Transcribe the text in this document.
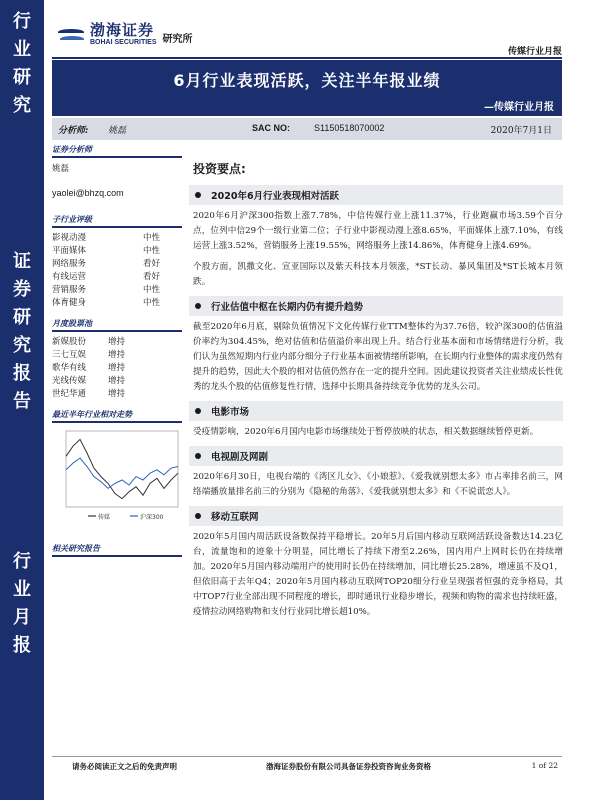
行
业
研
究
证
券
研
究
报
告
行
业
月
报
渤海证券
BOHAI SECURITIES 研究所
传媒行业月报
6月行业表现活跃，关注半年报业绩
—传媒行业月报
分析师: 姚磊	SAC NO:	S1150518070002	2020年7月1日
证券分析师
姚磊
yaolei@bhzq.com
子行业评级
影视动漫	中性
平面媒体	中性
网络服务	看好
有线运营	看好
营销服务	中性
体育健身	中性
月度股票池
新媒股份	增持
三七互娱	增持
歌华有线	增持
光线传媒	增持
世纪华通	增持
最近半年行业相对走势
传媒	沪深300
相关研究报告
投资要点:
2020年6月行业表现相对活跃
2020年6月沪深300指数上涨7.78%，中信传媒行业上涨11.37%，行业跑赢市场3.59个百分点，位列中信29个一级行业第二位；子行业中影视动漫上涨8.65%，平面媒体上涨7.10%，有线运营上涨3.52%，营销服务上涨19.55%，网络服务上涨14.86%，体育健身上涨4.69%。
个股方面，凯撒文化、宣亚国际以及紫天科技本月领涨，*ST长动、暴风集团及*ST长城本月领跌。
行业估值中枢在长期内仍有提升趋势
截至2020年6月底，剔除负值情况下文化传媒行业TTM整体约为37.76倍，较沪深300的估值溢价率约为304.45%，绝对估值和估值溢价率出现上升。结合行业基本面和市场情绪进行分析，我们认为虽然短期内行业内部分细分子行业基本面被情绪所影响，在长期内行业整体的需求度仍然有提升的趋势，因此大个股的相对估值仍然存在一定的提升空间。因此建议投资者关注业绩成长性优秀的龙头个股的估值修复性行情，选择中长期具备持续竞争优势的龙头公司。
电影市场
受疫情影响，2020年6月国内电影市场继续处于暂停放映的状态，相关数据继续暂停更新。
电视剧及网剧
2020年6月30日，电视台端的《湾区儿女》、《小娘惹》、《爱我就别想太多》市占率排名前三，网络端播放量排名前三的分别为《隐秘的角落》、《爱我就别想太多》和《不说谎恋人》。
移动互联网
2020年5月国内周活跃设备数保持平稳增长。20年5月后国内移动互联网活跃设备数达14.23亿台，流量饱和的迹象十分明显，同比增长了持续下滑至2.26%，国内用户上网时长仍在持续增加。2020年5月国内移动端用户的使用时长仍在持续增加，同比增长25.28%，增速虽不及Q1，但依旧高于去年Q4；2020年5月国内移动互联网TOP20细分行业呈现强者恒强的竞争格局，其中TOP7行业全部出现不同程度的增长，即时通讯行业稳步增长，视频和购物的需求也持续旺盛，疫情拉动网络购物和支付行业同比增长超10%。
请务必阅读正文之后的免责声明	渤海证券股份有限公司具备证券投资咨询业务资格	1 of 22
